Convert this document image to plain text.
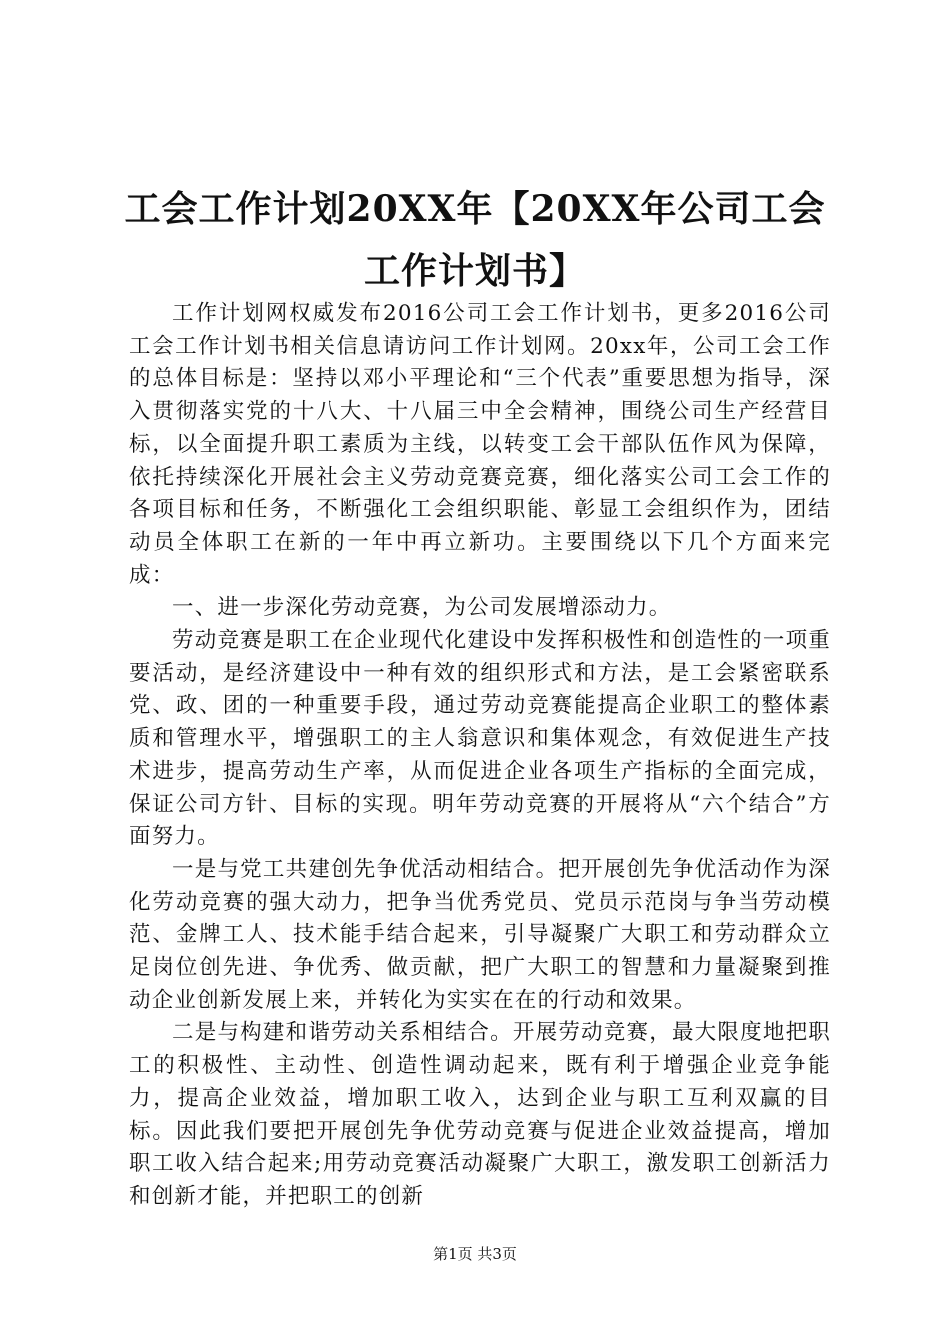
工会工作计划20XX年【20XX年公司工会工作计划书】

工作计划网权威发布2016公司工会工作计划书，更多2016公司工会工作计划书相关信息请访问工作计划网。20xx年，公司工会工作的总体目标是：坚持以邓小平理论和“三个代表”重要思想为指导，深入贯彻落实党的十八大、十八届三中全会精神，围绕公司生产经营目标，以全面提升职工素质为主线，以转变工会干部队伍作风为保障，依托持续深化开展社会主义劳动竞赛竞赛，细化落实公司工会工作的各项目标和任务，不断强化工会组织职能、彰显工会组织作为，团结动员全体职工在新的一年中再立新功。主要围绕以下几个方面来完成：

一、进一步深化劳动竞赛，为公司发展增添动力。

劳动竞赛是职工在企业现代化建设中发挥积极性和创造性的一项重要活动，是经济建设中一种有效的组织形式和方法，是工会紧密联系党、政、团的一种重要手段，通过劳动竞赛能提高企业职工的整体素质和管理水平，增强职工的主人翁意识和集体观念，有效促进生产技术进步，提高劳动生产率，从而促进企业各项生产指标的全面完成，保证公司方针、目标的实现。明年劳动竞赛的开展将从“六个结合”方面努力。

一是与党工共建创先争优活动相结合。把开展创先争优活动作为深化劳动竞赛的强大动力，把争当优秀党员、党员示范岗与争当劳动模范、金牌工人、技术能手结合起来，引导凝聚广大职工和劳动群众立足岗位创先进、争优秀、做贡献，把广大职工的智慧和力量凝聚到推动企业创新发展上来，并转化为实实在在的行动和效果。

二是与构建和谐劳动关系相结合。开展劳动竞赛，最大限度地把职工的积极性、主动性、创造性调动起来，既有利于增强企业竞争能力，提高企业效益，增加职工收入，达到企业与职工互利双赢的目标。因此我们要把开展创先争优劳动竞赛与促进企业效益提高，增加职工收入结合起来;用劳动竞赛活动凝聚广大职工，激发职工创新活力和创新才能，并把职工的创新

第1页 共3页
